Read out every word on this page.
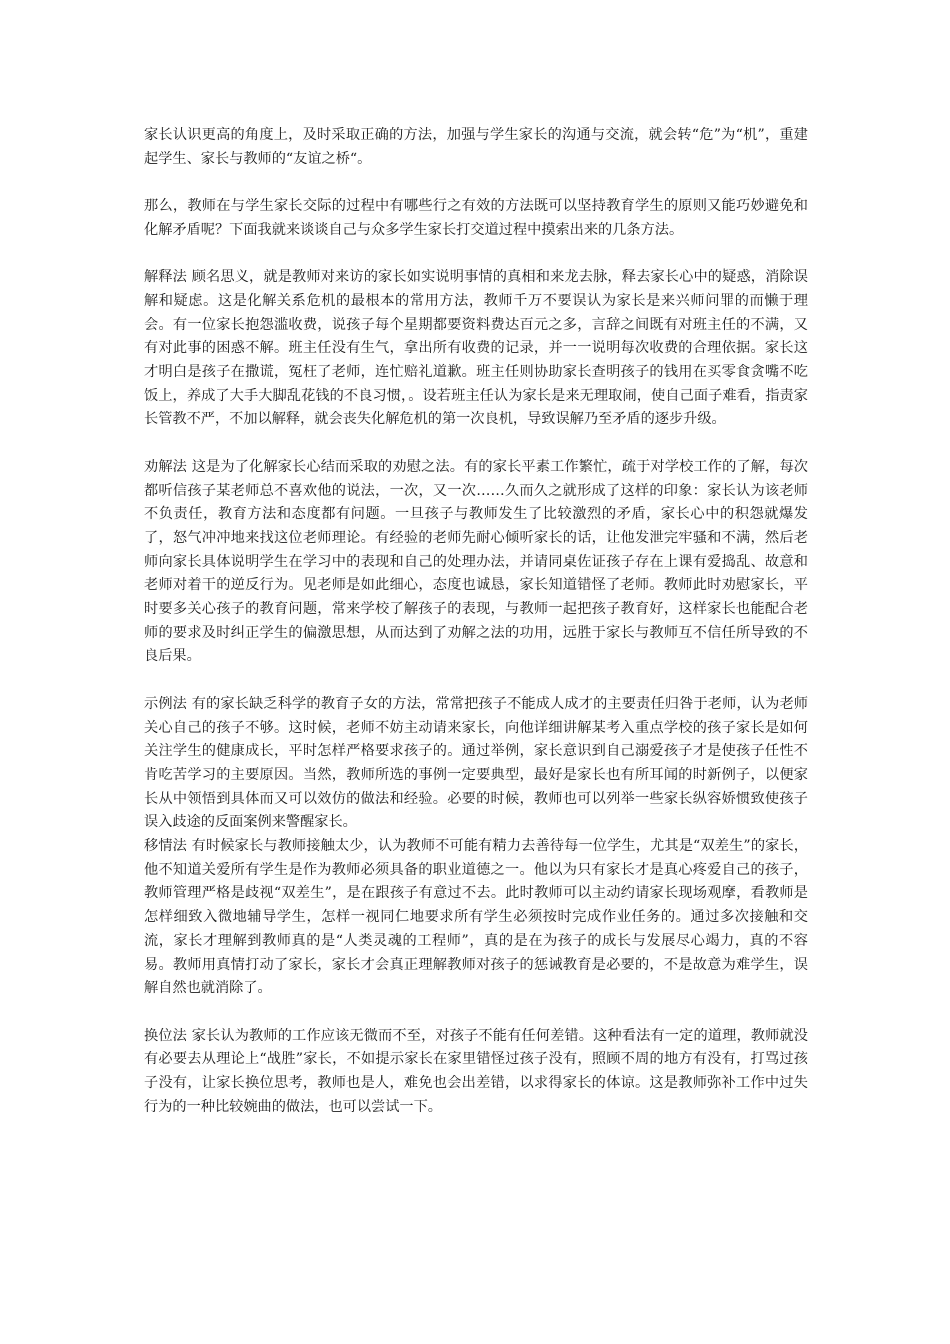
家长认识更高的角度上，及时采取正确的方法，加强与学生家长的沟通与交流，就会转“危”为“机”，重建起学生、家长与教师的“友谊之桥“。

那么，教师在与学生家长交际的过程中有哪些行之有效的方法既可以坚持教育学生的原则又能巧妙避免和化解矛盾呢？下面我就来谈谈自己与众多学生家长打交道过程中摸索出来的几条方法。

解释法 顾名思义，就是教师对来访的家长如实说明事情的真相和来龙去脉，释去家长心中的疑惑，消除误解和疑虑。这是化解关系危机的最根本的常用方法，教师千万不要误认为家长是来兴师问罪的而懒于理会。有一位家长抱怨滥收费，说孩子每个星期都要资料费达百元之多，言辞之间既有对班主任的不满，又有对此事的困惑不解。班主任没有生气，拿出所有收费的记录，并一一说明每次收费的合理依据。家长这才明白是孩子在撒谎，冤枉了老师，连忙赔礼道歉。班主任则协助家长查明孩子的钱用在买零食贪嘴不吃饭上，养成了大手大脚乱花钱的不良习惯，。设若班主任认为家长是来无理取闹，使自己面子难看，指责家长管教不严，不加以解释，就会丧失化解危机的第一次良机，导致误解乃至矛盾的逐步升级。

劝解法 这是为了化解家长心结而采取的劝慰之法。有的家长平素工作繁忙，疏于对学校工作的了解，每次都听信孩子某老师总不喜欢他的说法，一次，又一次……久而久之就形成了这样的印象：家长认为该老师不负责任，教育方法和态度都有问题。一旦孩子与教师发生了比较激烈的矛盾，家长心中的积怨就爆发了，怒气冲冲地来找这位老师理论。有经验的老师先耐心倾听家长的话，让他发泄完牢骚和不满，然后老师向家长具体说明学生在学习中的表现和自己的处理办法，并请同桌佐证孩子存在上课有爱捣乱、故意和老师对着干的逆反行为。见老师是如此细心，态度也诚恳，家长知道错怪了老师。教师此时劝慰家长，平时要多关心孩子的教育问题，常来学校了解孩子的表现，与教师一起把孩子教育好，这样家长也能配合老师的要求及时纠正学生的偏激思想，从而达到了劝解之法的功用，远胜于家长与教师互不信任所导致的不良后果。

示例法 有的家长缺乏科学的教育子女的方法，常常把孩子不能成人成才的主要责任归咎于老师，认为老师关心自己的孩子不够。这时候，老师不妨主动请来家长，向他详细讲解某考入重点学校的孩子家长是如何关注学生的健康成长，平时怎样严格要求孩子的。通过举例，家长意识到自己溺爱孩子才是使孩子任性不肯吃苦学习的主要原因。当然，教师所选的事例一定要典型，最好是家长也有所耳闻的时新例子，以便家长从中领悟到具体而又可以效仿的做法和经验。必要的时候，教师也可以列举一些家长纵容娇惯致使孩子误入歧途的反面案例来警醒家长。

移情法 有时候家长与教师接触太少，认为教师不可能有精力去善待每一位学生，尤其是“双差生”的家长，他不知道关爱所有学生是作为教师必须具备的职业道德之一。他以为只有家长才是真心疼爱自己的孩子，教师管理严格是歧视“双差生”，是在跟孩子有意过不去。此时教师可以主动约请家长现场观摩，看教师是怎样细致入微地辅导学生，怎样一视同仁地要求所有学生必须按时完成作业任务的。通过多次接触和交流，家长才理解到教师真的是“人类灵魂的工程师”，真的是在为孩子的成长与发展尽心竭力，真的不容易。教师用真情打动了家长，家长才会真正理解教师对孩子的惩诫教育是必要的，不是故意为难学生，误解自然也就消除了。

换位法 家长认为教师的工作应该无微而不至，对孩子不能有任何差错。这种看法有一定的道理，教师就没有必要去从理论上“战胜”家长，不如提示家长在家里错怪过孩子没有，照顾不周的地方有没有，打骂过孩子没有，让家长换位思考，教师也是人，难免也会出差错，以求得家长的体谅。这是教师弥补工作中过失行为的一种比较婉曲的做法，也可以尝试一下。
